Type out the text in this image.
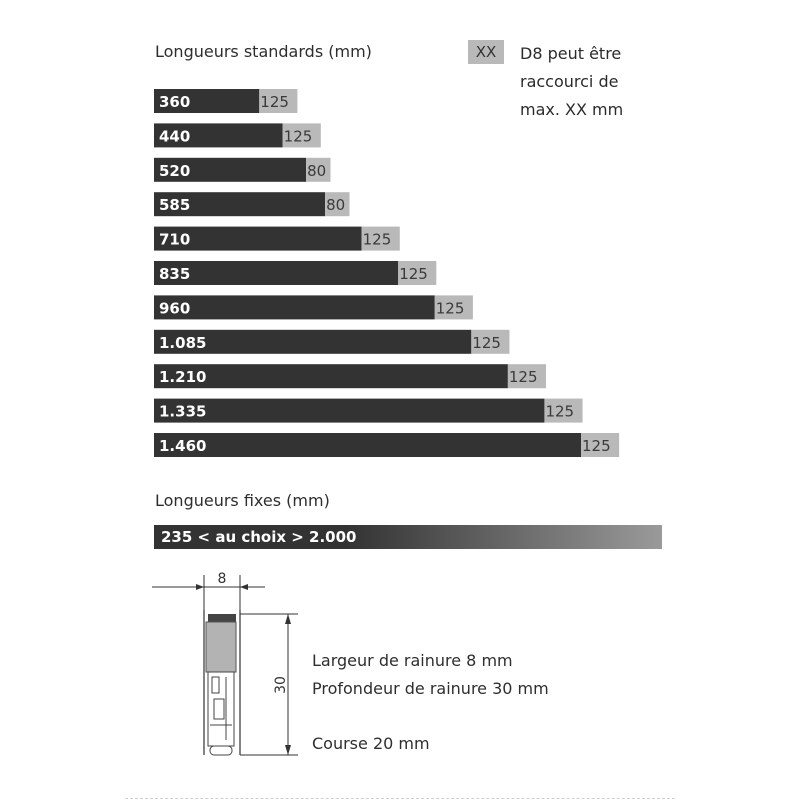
Longueurs standards (mm)	XX	D8 peut être
raccourci de
max. XX mm
360	125
440	125
520	80
585	80
710	125
835	125
960	125
1.085	125
1.210	125
1.335	125
1.460	125
Longueurs fixes (mm)
235 < au choix > 2.000
8
30
Largeur de rainure 8 mm
Profondeur de rainure 30 mm
Course 20 mm
